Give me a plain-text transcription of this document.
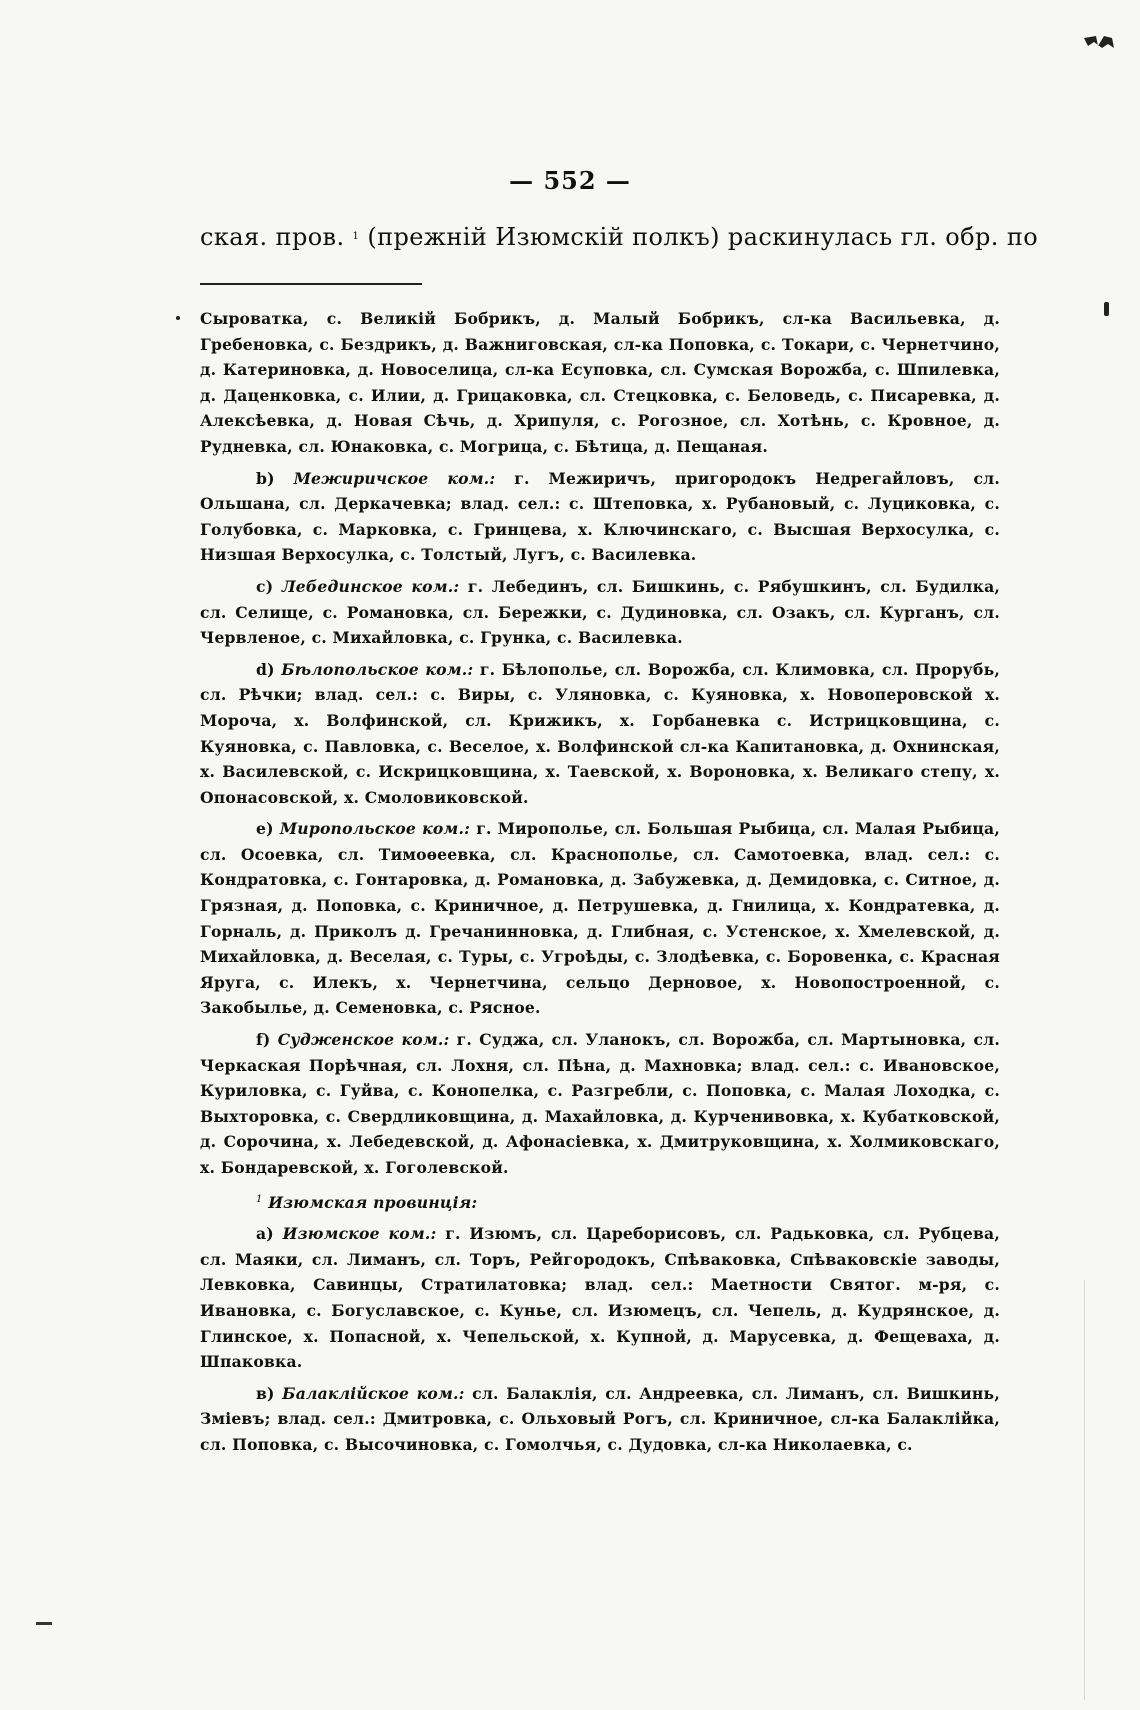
— 552 —
ская. пров. $^1$ (прежній Изюмскій полкъ) раскинулась гл. обр. по

Сыроватка, с. Великій Бобрикъ, д. Малый Бобрикъ, сл-ка Васильевка, д. Гребеновка, с. Бездрикъ, д. Важниговская, сл-ка Поповка, с. Токари, с. Чернетчино, д. Катериновка, д. Новоселица, сл-ка Есуповка, сл. Сумская Ворожба, с. Шпилевка, д. Даценковка, с. Илии, д. Грицаковка, сл. Стецковка, с. Беловедь, с. Писаревка, д. Алексѣевка, д. Новая Сѣчь, д. Хрипуля, с. Рогозное, сл. Хотѣнь, с. Кровное, д. Рудневка, сл. Юнаковка, с. Могрица, с. Бѣтица, д. Пещаная.

b) Межиричское ком.: г. Межиричъ, пригородокъ Недрегайловъ, сл. Ольшана, сл. Деркачевка; влад. сел.: с. Штеповка, х. Рубановый, с. Луциковка, с. Голубовка, с. Марковка, с. Гринцева, х. Ключинскаго, с. Высшая Верхосулка, с. Низшая Верхосулка, с. Толстый, Лугъ, с. Василевка.

с) Лебединское ком.: г. Лебединъ, сл. Бишкинь, с. Рябушкинъ, сл. Будилка, сл. Селище, с. Романовка, сл. Бережки, с. Дудиновка, сл. Озакъ, сл. Курганъ, сл. Червленое, с. Михайловка, с. Грунка, с. Василевка.

d) Бѣлопольское ком.: г. Бѣлополье, сл. Ворожба, сл. Климовка, сл. Прорубь, сл. Рѣчки; влад. сел.: с. Виры, с. Уляновка, с. Куяновка, х. Новоперовской х. Мороча, х. Волфинской, сл. Крижикъ, х. Горбаневка с. Истрицковщина, с. Куяновка, с. Павловка, с. Веселое, х. Волфинской сл-ка Капитановка, д. Охнинская, х. Василевской, с. Искрицковщина, х. Таевской, х. Вороновка, х. Великаго степу, х. Опонасовской, х. Смоловиковской.

е) Миропольское ком.: г. Мирополье, сл. Большая Рыбица, сл. Малая Рыбица, сл. Осоевка, сл. Тимоѳеевка, сл. Краснополье, сл. Самотоевка, влад. сел.: с. Кондратовка, с. Гонтаровка, д. Романовка, д. Забужевка, д. Демидовка, с. Ситное, д. Грязная, д. Поповка, с. Криничное, д. Петрушевка, д. Гнилица, х. Кондратевка, д. Горналь, д. Приколъ д. Гречанинновка, д. Глибная, с. Устенское, х. Хмелевской, д. Михайловка, д. Веселая, с. Туры, с. Угроѣды, с. Злодѣевка, с. Боровенка, с. Красная Яруга, с. Илекъ, х. Чернетчина, сельцо Дерновое, х. Новопостроенной, с. Закобылье, д. Семеновка, с. Рясное.

f) Судженское ком.: г. Суджа, сл. Уланокъ, сл. Ворожба, сл. Мартыновка, сл. Черкаская Порѣчная, сл. Лохня, сл. Пѣна, д. Махновка; влад. сел.: с. Ивановское, Куриловка, с. Гуйва, с. Конопелка, с. Разгребли, с. Поповка, с. Малая Лоходка, с. Выхторовка, с. Свердликовщина, д. Махайловка, д. Курченивовка, х. Кубатковской, д. Сорочина, х. Лебедевской, д. Афонасiевка, х. Дмитруковщина, х. Холмиковскаго, х. Бондаревской, х. Гоголевской.

$^1$ Изюмская провинція:

а) Изюмское ком.: г. Изюмъ, сл. Цареборисовъ, сл. Радьковка, сл. Рубцева, сл. Маяки, сл. Лиманъ, сл. Торъ, Рейгородокъ, Спѣваковка, Спѣваковскіе заводы, Левковка, Савинцы, Стратилатовка; влад. сел.: Маетности Святог. м-ря, с. Ивановка, с. Богуславское, с. Кунье, сл. Изюмецъ, сл. Чепель, д. Кудрянское, д. Глинское, х. Попасной, х. Чепельской, х. Купной, д. Марусевка, д. Фещеваха, д. Шпаковка.

в) Балаклійское ком.: сл. Балаклія, сл. Андреевка, сл. Лиманъ, сл. Вишкинь, Зміевъ; влад. сел.: Дмитровка, с. Ольховый Рогъ, сл. Криничное, сл-ка Балаклійка, сл. Поповка, с. Высочиновка, с. Гомолчья, с. Дудовка, сл-ка Николаевка, с.
